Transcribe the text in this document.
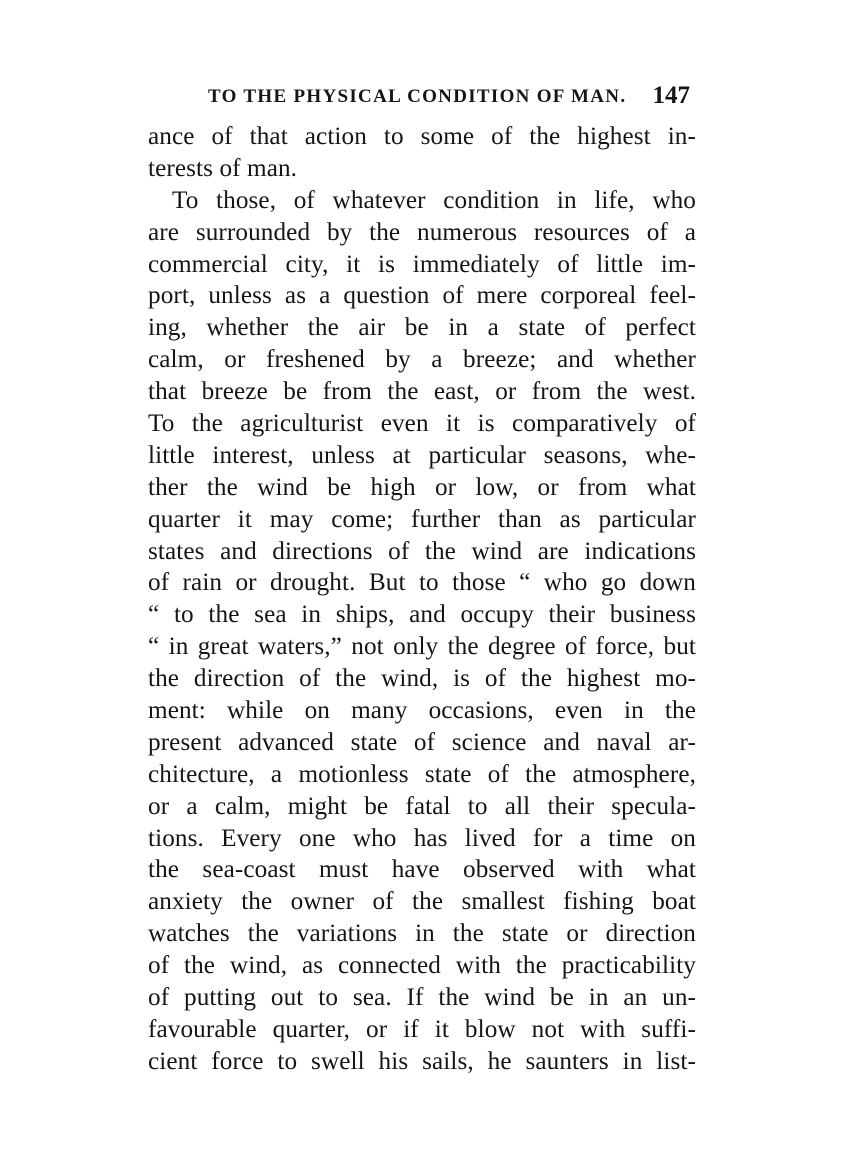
TO THE PHYSICAL CONDITION OF MAN. 147
ance of that action to some of the highest in-
terests of man.
To those, of whatever condition in life, who
are surrounded by the numerous resources of a
commercial city, it is immediately of little im-
port, unless as a question of mere corporeal feel-
ing, whether the air be in a state of perfect
calm, or freshened by a breeze; and whether
that breeze be from the east, or from the west.
To the agriculturist even it is comparatively of
little interest, unless at particular seasons, whe-
ther the wind be high or low, or from what
quarter it may come; further than as particular
states and directions of the wind are indications
of rain or drought. But to those “ who go down
“ to the sea in ships, and occupy their business
“ in great waters,” not only the degree of force, but
the direction of the wind, is of the highest mo-
ment: while on many occasions, even in the
present advanced state of science and naval ar-
chitecture, a motionless state of the atmosphere,
or a calm, might be fatal to all their specula-
tions. Every one who has lived for a time on
the sea-coast must have observed with what
anxiety the owner of the smallest fishing boat
watches the variations in the state or direction
of the wind, as connected with the practicability
of putting out to sea. If the wind be in an un-
favourable quarter, or if it blow not with suffi-
cient force to swell his sails, he saunters in list-
